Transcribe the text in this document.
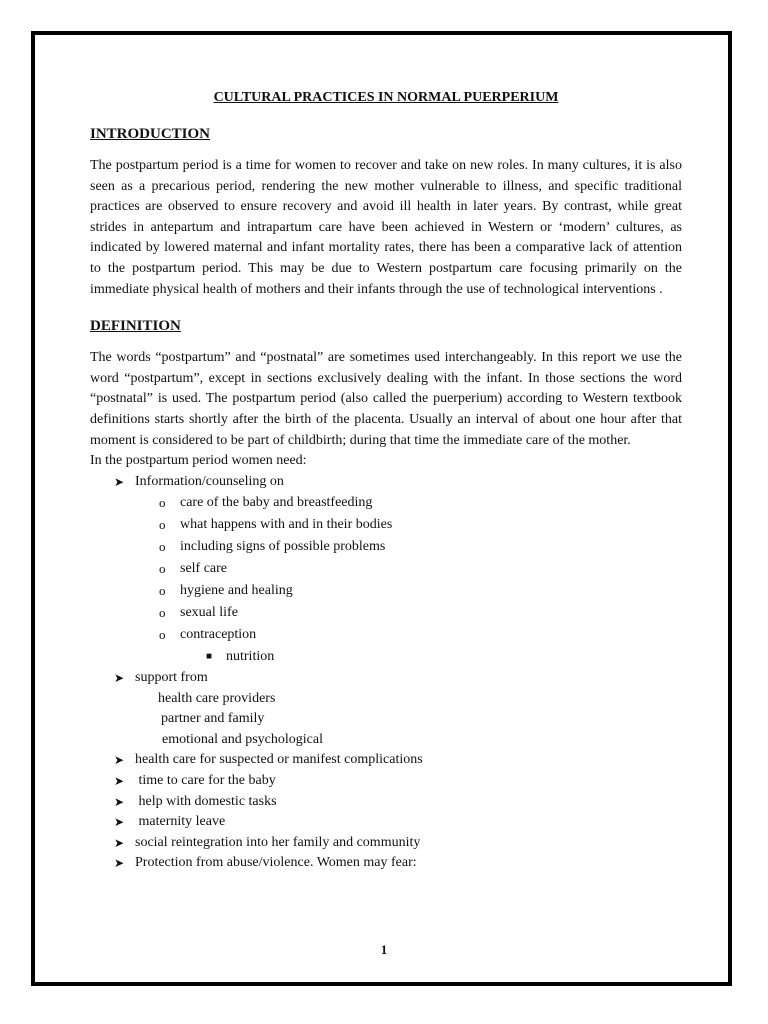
CULTURAL PRACTICES IN NORMAL PUERPERIUM
INTRODUCTION

The postpartum period is a time for women to recover and take on new roles. In many cultures, it is also seen as a precarious period, rendering the new mother vulnerable to illness, and specific traditional practices are observed to ensure recovery and avoid ill health in later years. By contrast, while great strides in antepartum and intrapartum care have been achieved in Western or ‘modern’ cultures, as indicated by lowered maternal and infant mortality rates, there has been a comparative lack of attention to the postpartum period. This may be due to Western postpartum care focusing primarily on the immediate physical health of mothers and their infants through the use of technological interventions .

DEFINITION

The words “postpartum” and “postnatal” are sometimes used interchangeably. In this report we use the word “postpartum”, except in sections exclusively dealing with the infant. In those sections the word “postnatal” is used. The postpartum period (also called the puerperium) according to Western textbook definitions starts shortly after the birth of the placenta. Usually an interval of about one hour after that moment is considered to be part of childbirth; during that time the immediate care of the mother.

In the postpartum period women need:

➤ Information/counseling on
o care of the baby and breastfeeding
o what happens with and in their bodies
o including signs of possible problems
o self care
o hygiene and healing
o sexual life
o contraception
■ nutrition
➤ support from
health care providers
partner and family
emotional and psychological
➤ health care for suspected or manifest complications
➤ time to care for the baby
➤ help with domestic tasks
➤ maternity leave
➤ social reintegration into her family and community
➤ Protection from abuse/violence. Women may fear:
1
